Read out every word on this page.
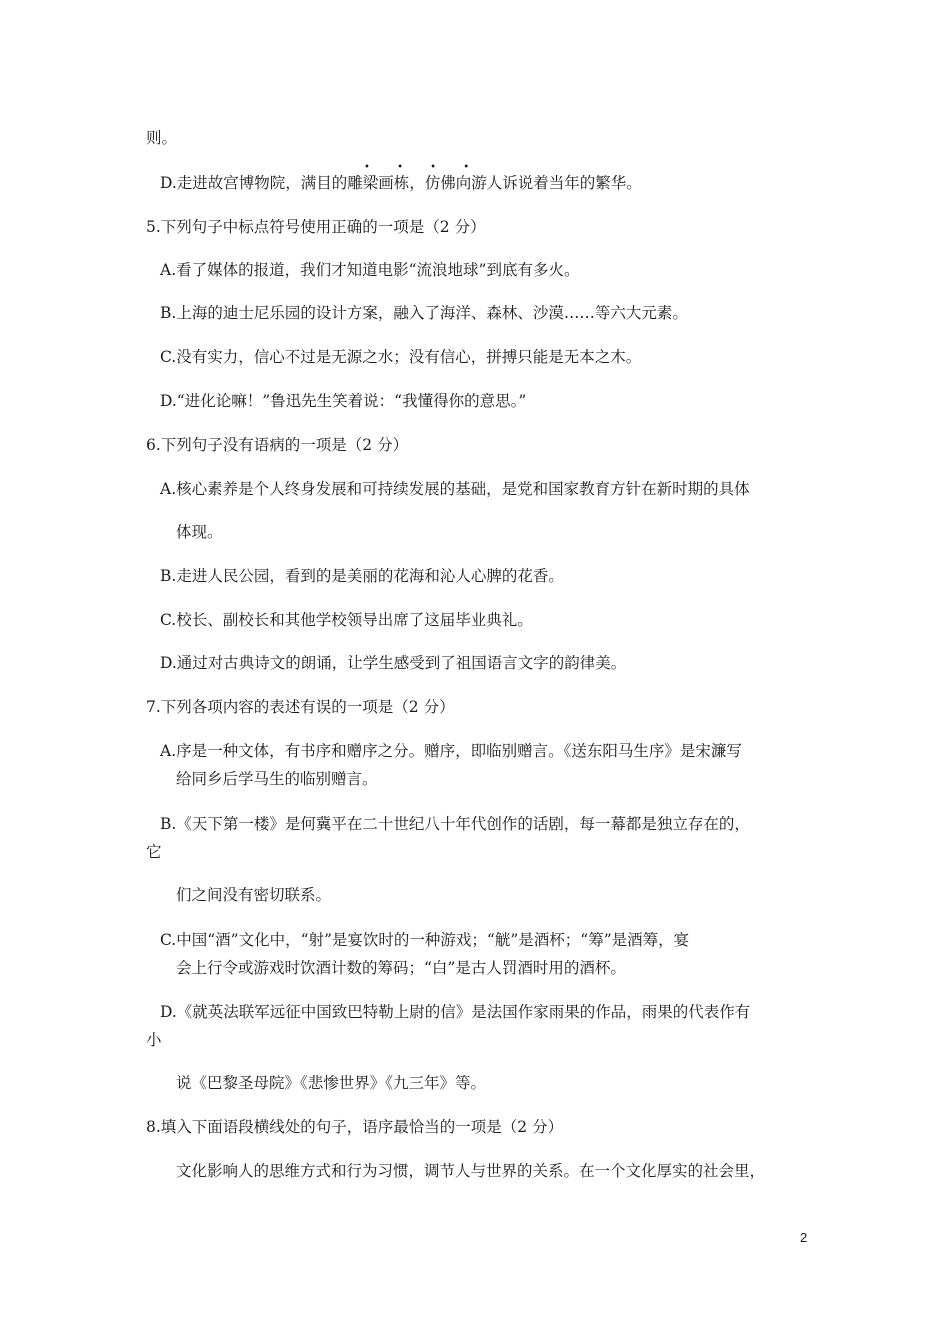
则。
• • • •
D.走进故宫博物院，满目的雕梁画栋，仿佛向游人诉说着当年的繁华。
5.下列句子中标点符号使用正确的一项是（2 分）
A.看了媒体的报道，我们才知道电影“流浪地球”到底有多火。
B.上海的迪士尼乐园的设计方案，融入了海洋、森林、沙漠……等六大元素。
C.没有实力，信心不过是无源之水；没有信心，拼搏只能是无本之木。
D.“进化论嘛！”鲁迅先生笑着说：“我懂得你的意思。”
6.下列句子没有语病的一项是（2 分）
A.核心素养是个人终身发展和可持续发展的基础，是党和国家教育方针在新时期的具体
体现。
B.走进人民公园，看到的是美丽的花海和沁人心脾的花香。
C.校长、副校长和其他学校领导出席了这届毕业典礼。
D.通过对古典诗文的朗诵，让学生感受到了祖国语言文字的韵律美。
7.下列各项内容的表述有误的一项是（2 分）
A.序是一种文体，有书序和赠序之分。赠序，即临别赠言。《送东阳马生序》是宋濂写
给同乡后学马生的临别赠言。
B.《天下第一楼》是何冀平在二十世纪八十年代创作的话剧，每一幕都是独立存在的，
它
们之间没有密切联系。
C.中国“酒”文化中，“射”是宴饮时的一种游戏；“觥”是酒杯；“筹”是酒筹，宴
会上行令或游戏时饮酒计数的筹码；“白”是古人罚酒时用的酒杯。
D.《就英法联军远征中国致巴特勒上尉的信》是法国作家雨果的作品，雨果的代表作有
小
说《巴黎圣母院》《悲惨世界》《九三年》等。
8.填入下面语段横线处的句子，语序最恰当的一项是（2 分）
文化影响人的思维方式和行为习惯，调节人与世界的关系。在一个文化厚实的社会里，
2
